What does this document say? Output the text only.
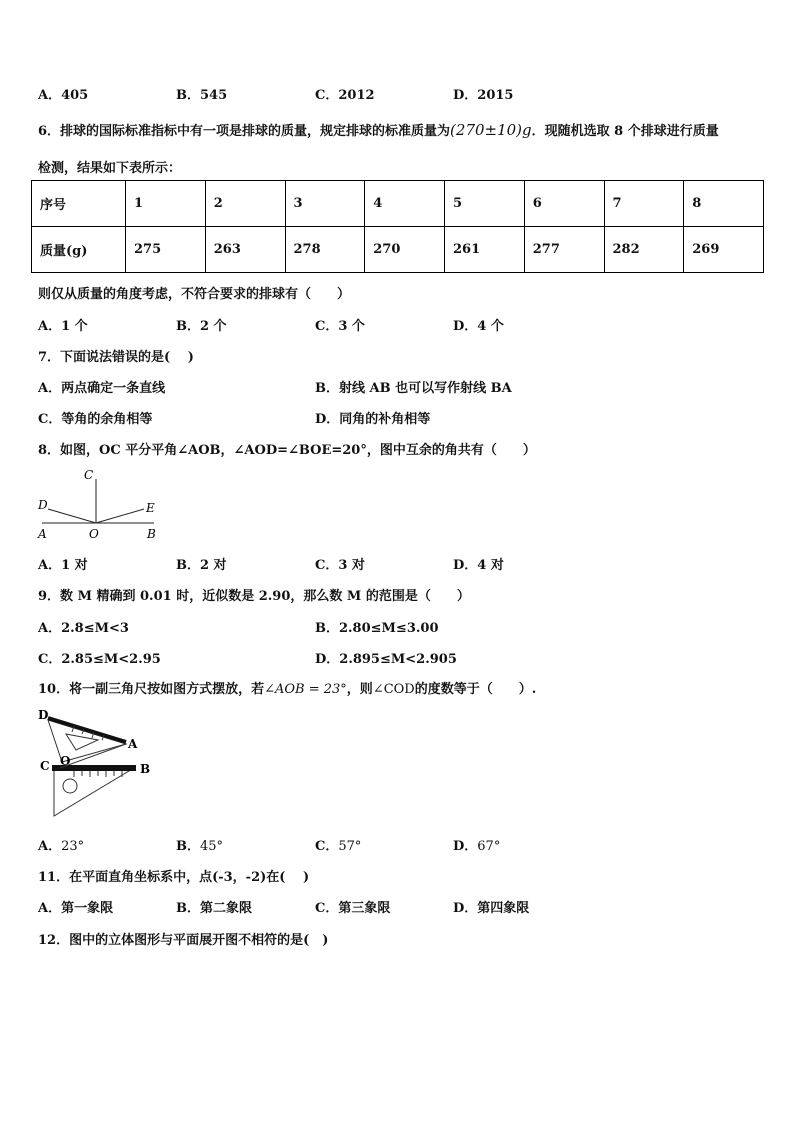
A．405	B．545	C．2012	D．2015
6．排球的国际标准指标中有一项是排球的质量，规定排球的标准质量为(270±10)g．现随机选取 8 个排球进行质量
检测，结果如下表所示：
序号	1	2	3	4	5	6	7	8
质量(g)	275	263	278	270	261	277	282	269
则仅从质量的角度考虑，不符合要求的排球有（　　）
A．1 个	B．2 个	C．3 个	D．4 个
7．下面说法错误的是(　 )
A．两点确定一条直线	B．射线 AB 也可以写作射线 BA
C．等角的余角相等	D．同角的补角相等
8．如图，OC 平分平角∠AOB，∠AOD=∠BOE=20°，图中互余的角共有（　　）
C
D	E
A	O	B
A．1 对	B．2 对	C．3 对	D．4 对
9．数 M 精确到 0.01 时，近似数是 2.90，那么数 M 的范围是（　　）
A．2.8≤M<3	B．2.80≤M≤3.00
C．2.85≤M<2.95	D．2.895≤M<2.905
10．将一副三角尺按如图方式摆放，若∠AOB = 23°，则∠COD的度数等于（　　）.
D
A
C O
B
A．23°	B．45°	C．57°	D．67°
11．在平面直角坐标系中，点(-3，-2)在(　 )
A．第一象限	B．第二象限	C．第三象限	D．第四象限
12．图中的立体图形与平面展开图不相符的是(　)
